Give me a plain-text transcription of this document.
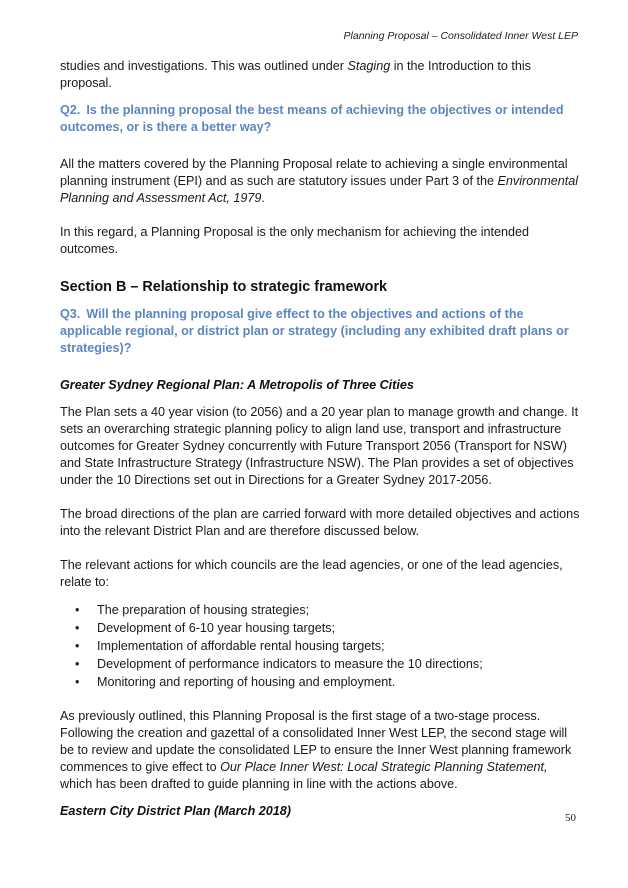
Planning Proposal – Consolidated Inner West LEP

studies and investigations. This was outlined under Staging in the Introduction to this proposal.

Q2. Is the planning proposal the best means of achieving the objectives or intended outcomes, or is there a better way?

All the matters covered by the Planning Proposal relate to achieving a single environmental planning instrument (EPI) and as such are statutory issues under Part 3 of the Environmental Planning and Assessment Act, 1979.

In this regard, a Planning Proposal is the only mechanism for achieving the intended outcomes.

Section B – Relationship to strategic framework

Q3. Will the planning proposal give effect to the objectives and actions of the applicable regional, or district plan or strategy (including any exhibited draft plans or strategies)?

Greater Sydney Regional Plan: A Metropolis of Three Cities

The Plan sets a 40 year vision (to 2056) and a 20 year plan to manage growth and change. It sets an overarching strategic planning policy to align land use, transport and infrastructure outcomes for Greater Sydney concurrently with Future Transport 2056 (Transport for NSW) and State Infrastructure Strategy (Infrastructure NSW). The Plan provides a set of objectives under the 10 Directions set out in Directions for a Greater Sydney 2017-2056.

The broad directions of the plan are carried forward with more detailed objectives and actions into the relevant District Plan and are therefore discussed below.

The relevant actions for which councils are the lead agencies, or one of the lead agencies, relate to:

• The preparation of housing strategies;
• Development of 6-10 year housing targets;
• Implementation of affordable rental housing targets;
• Development of performance indicators to measure the 10 directions;
• Monitoring and reporting of housing and employment.

As previously outlined, this Planning Proposal is the first stage of a two-stage process. Following the creation and gazettal of a consolidated Inner West LEP, the second stage will be to review and update the consolidated LEP to ensure the Inner West planning framework commences to give effect to Our Place Inner West: Local Strategic Planning Statement, which has been drafted to guide planning in line with the actions above.

Eastern City District Plan (March 2018)	50
